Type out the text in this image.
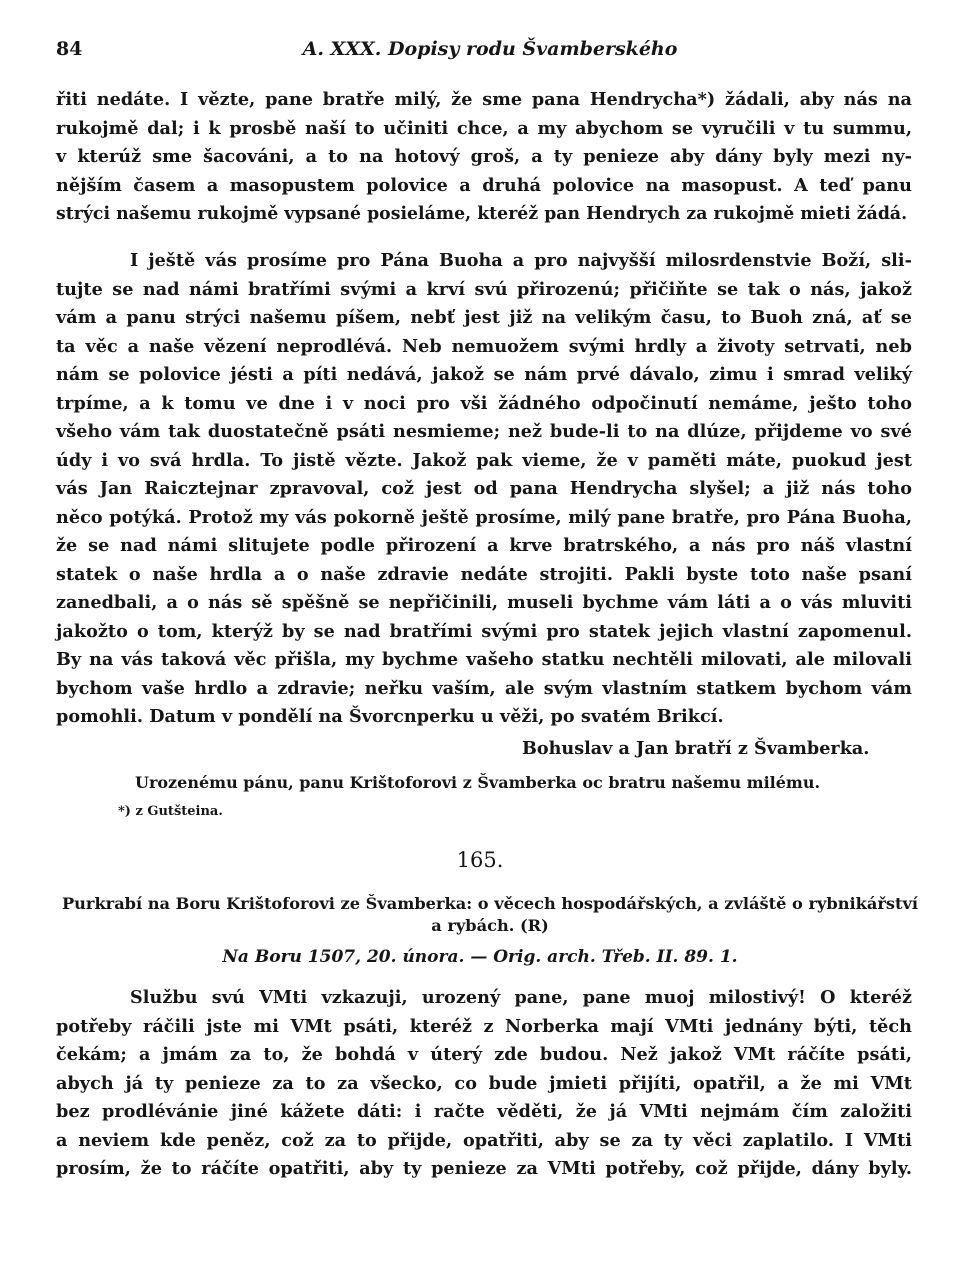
84	A. XXX. Dopisy rodu Švamberského
řiti nedáte. I vězte, pane bratře milý, že sme pana Hendrycha*) žádali, aby nás na
rukojmě dal; i k prosbě naší to učiniti chce, a my abychom se vyručili v tu summu,
v kterúž sme šacováni, a to na hotový groš, a ty penieze aby dány byly mezi ny-
nějším časem a masopustem polovice a druhá polovice na masopust. A teď panu
strýci našemu rukojmě vypsané posieláme, kteréž pan Hendrych za rukojmě mieti žádá.
I ještě vás prosíme pro Pána Buoha a pro najvyšší milosrdenstvie Boží, sli-
tujte se nad námi bratřími svými a krví svú přirozenú; přičiňte se tak o nás, jakož
vám a panu strýci našemu píšem, nebť jest již na velikým času, to Buoh zná, ať se
ta věc a naše vězení neprodlévá. Neb nemuožem svými hrdly a životy setrvati, neb
nám se polovice jésti a píti nedává, jakož se nám prvé dávalo, zimu i smrad veliký
trpíme, a k tomu ve dne i v noci pro vši žádného odpočinutí nemáme, ješto toho
všeho vám tak duostatečně psáti nesmieme; než bude-li to na dlúze, přijdeme vo své
údy i vo svá hrdla. To jistě vězte. Jakož pak vieme, že v paměti máte, puokud jest
vás Jan Raicztejnar zpravoval, což jest od pana Hendrycha slyšel; a již nás toho
něco potýká. Protož my vás pokorně ještě prosíme, milý pane bratře, pro Pána Buoha,
že se nad námi slitujete podle přirození a krve bratrského, a nás pro náš vlastní
statek o naše hrdla a o naše zdravie nedáte strojiti. Pakli byste toto naše psaní
zanedbali, a o nás sě spěšně se nepřičinili, museli bychme vám láti a o vás mluviti
jakožto o tom, kterýž by se nad bratřími svými pro statek jejich vlastní zapomenul.
By na vás taková věc přišla, my bychme vašeho statku nechtěli milovati, ale milovali
bychom vaše hrdlo a zdravie; neřku vaším, ale svým vlastním statkem bychom vám
pomohli. Datum v pondělí na Švorcnperku u věži, po svatém Brikcí.
Bohuslav a Jan bratří z Švamberka.
Urozenému pánu, panu Krištoforovi z Švamberka oc bratru našemu milému.
*) z Gutšteina.
165.
Purkrabí na Boru Krištoforovi ze Švamberka: o věcech hospodářských, a zvláště o rybnikářství
a rybách. (R)
Na Boru 1507, 20. února. — Orig. arch. Třeb. II. 89. 1.
Službu svú VMti vzkazuji, urozený pane, pane muoj milostivý! O kteréž
potřeby ráčili jste mi VMt psáti, kteréž z Norberka mají VMti jednány býti, těch
čekám; a jmám za to, že bohdá v úterý zde budou. Než jakož VMt ráčíte psáti,
abych já ty penieze za to za všecko, co bude jmieti přijíti, opatřil, a že mi VMt
bez prodlévánie jiné kážete dáti: i račte věděti, že já VMti nejmám čím založiti
a neviem kde peněz, což za to přijde, opatřiti, aby se za ty věci zaplatilo. I VMti
prosím, že to ráčíte opatřiti, aby ty penieze za VMti potřeby, což přijde, dány byly.
